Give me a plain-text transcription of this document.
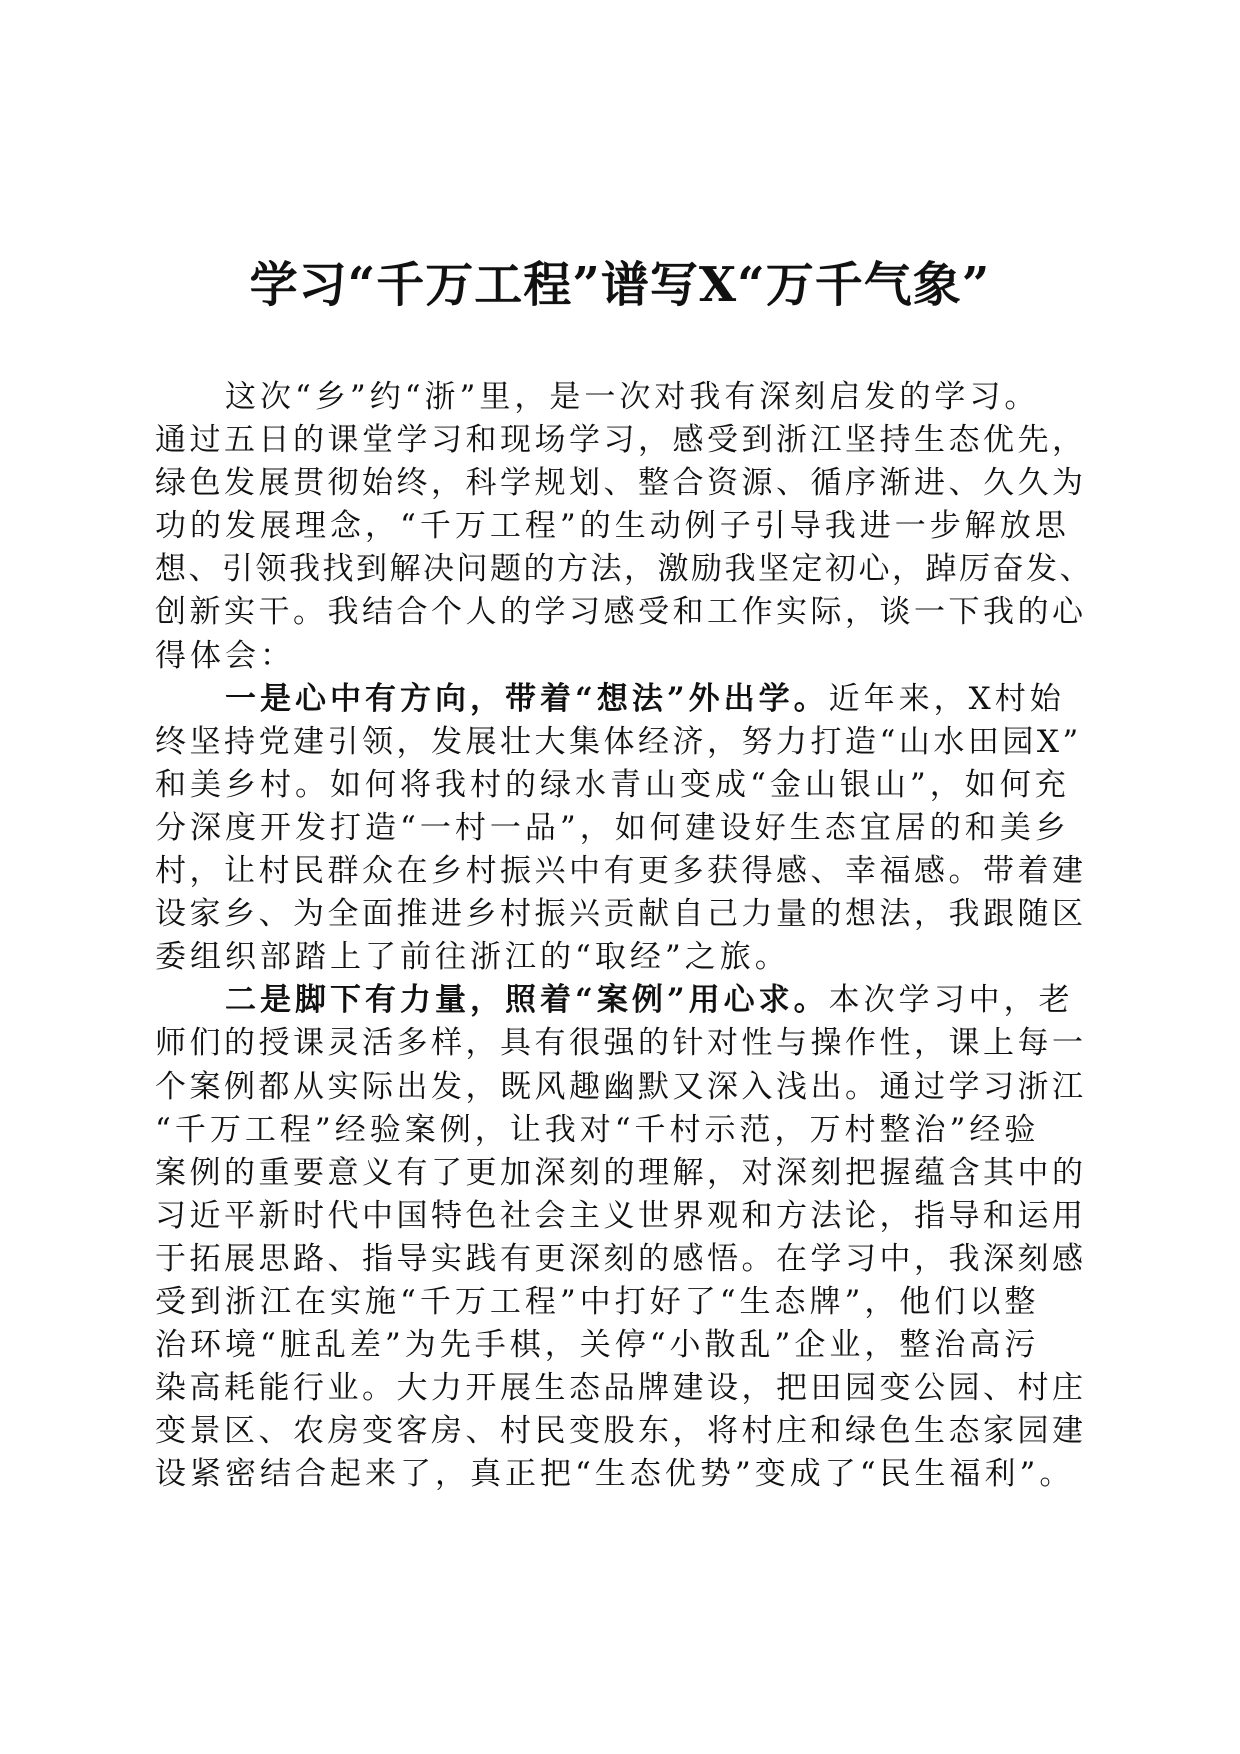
学习“千万工程”谱写X“万千气象”

这次“乡”约“浙”里，是一次对我有深刻启发的学习。

通过五日的课堂学习和现场学习，感受到浙江坚持生态优先，

绿色发展贯彻始终，科学规划、整合资源、循序渐进、久久为

功的发展理念，“千万工程”的生动例子引导我进一步解放思

想、引领我找到解决问题的方法，激励我坚定初心，踔厉奋发、

创新实干。我结合个人的学习感受和工作实际，谈一下我的心

得体会：

一是心中有方向，带着“想法”外出学。近年来，X村始

终坚持党建引领，发展壮大集体经济，努力打造“山水田园X”

和美乡村。如何将我村的绿水青山变成“金山银山”，如何充

分深度开发打造“一村一品”，如何建设好生态宜居的和美乡

村，让村民群众在乡村振兴中有更多获得感、幸福感。带着建

设家乡、为全面推进乡村振兴贡献自己力量的想法，我跟随区

委组织部踏上了前往浙江的“取经”之旅。

二是脚下有力量，照着“案例”用心求。本次学习中，老

师们的授课灵活多样，具有很强的针对性与操作性，课上每一

个案例都从实际出发，既风趣幽默又深入浅出。通过学习浙江

“千万工程”经验案例，让我对“千村示范，万村整治”经验

案例的重要意义有了更加深刻的理解，对深刻把握蕴含其中的

习近平新时代中国特色社会主义世界观和方法论，指导和运用

于拓展思路、指导实践有更深刻的感悟。在学习中，我深刻感

受到浙江在实施“千万工程”中打好了“生态牌”，他们以整

治环境“脏乱差”为先手棋，关停“小散乱”企业，整治高污

染高耗能行业。大力开展生态品牌建设，把田园变公园、村庄

变景区、农房变客房、村民变股东，将村庄和绿色生态家园建

设紧密结合起来了，真正把“生态优势”变成了“民生福利”。
